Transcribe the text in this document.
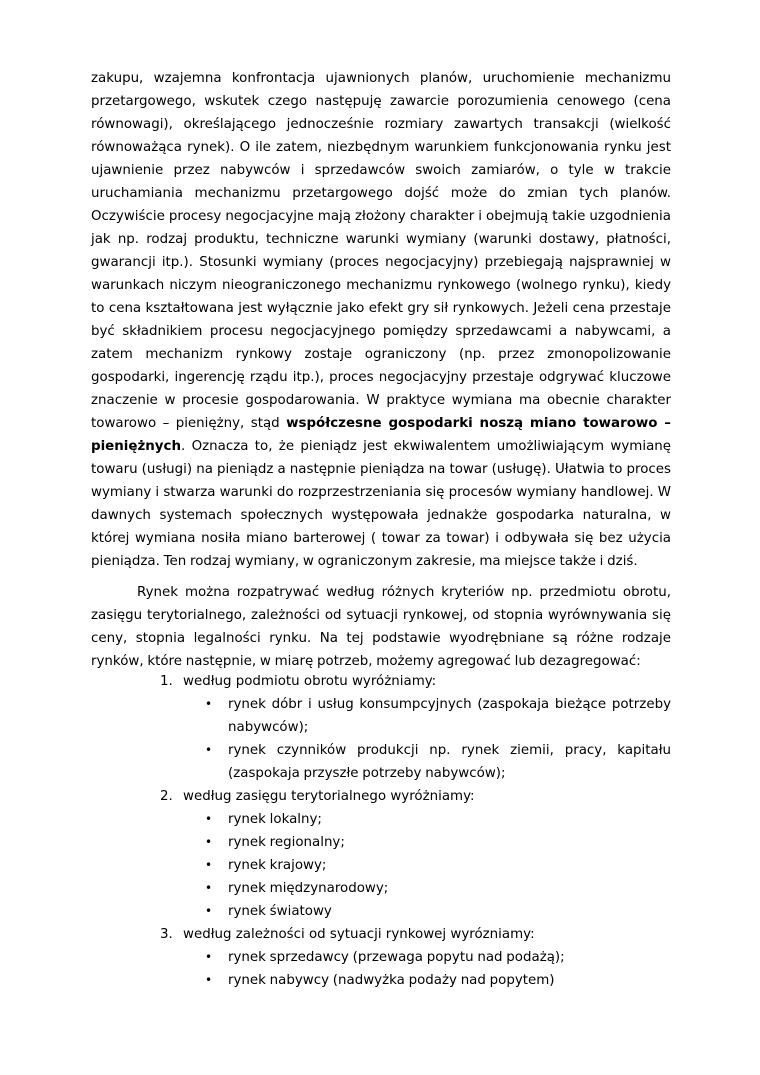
zakupu, wzajemna konfrontacja ujawnionych planów, uruchomienie mechanizmu przetargowego, wskutek czego następuję zawarcie porozumienia cenowego (cena równowagi), określającego jednocześnie rozmiary zawartych transakcji (wielkość równoważąca rynek). O ile zatem, niezbędnym warunkiem funkcjonowania rynku jest ujawnienie przez nabywców i sprzedawców swoich zamiarów, o tyle w trakcie uruchamiania mechanizmu przetargowego dojść może do zmian tych planów. Oczywiście procesy negocjacyjne mają złożony charakter i obejmują takie uzgodnienia jak np. rodzaj produktu, techniczne warunki wymiany (warunki dostawy, płatności, gwarancji itp.). Stosunki wymiany (proces negocjacyjny) przebiegają najsprawniej w warunkach niczym nieograniczonego mechanizmu rynkowego (wolnego rynku), kiedy to cena kształtowana jest wyłącznie jako efekt gry sił rynkowych. Jeżeli cena przestaje być składnikiem procesu negocjacyjnego pomiędzy sprzedawcami a nabywcami, a zatem mechanizm rynkowy zostaje ograniczony (np. przez zmonopolizowanie gospodarki, ingerencję rządu itp.), proces negocjacyjny przestaje odgrywać kluczowe znaczenie w procesie gospodarowania. W praktyce wymiana ma obecnie charakter towarowo – pieniężny, stąd współczesne gospodarki noszą miano towarowo – pieniężnych. Oznacza to, że pieniądz jest ekwiwalentem umożliwiającym wymianę towaru (usługi) na pieniądz a następnie pieniądza na towar (usługę). Ułatwia to proces wymiany i stwarza warunki do rozprzestrzeniania się procesów wymiany handlowej. W dawnych systemach społecznych występowała jednakże gospodarka naturalna, w której wymiana nosiła miano barterowej ( towar za towar) i odbywała się bez użycia pieniądza. Ten rodzaj wymiany, w ograniczonym zakresie, ma miejsce także i dziś.

Rynek można rozpatrywać według różnych kryteriów np. przedmiotu obrotu, zasięgu terytorialnego, zależności od sytuacji rynkowej, od stopnia wyrównywania się ceny, stopnia legalności rynku. Na tej podstawie wyodrębniane są różne rodzaje rynków, które następnie, w miarę potrzeb, możemy agregować lub dezagregować:

1. według podmiotu obrotu wyróżniamy:
• rynek dóbr i usług konsumpcyjnych (zaspokaja bieżące potrzeby nabywców);
• rynek czynników produkcji np. rynek ziemii, pracy, kapitału (zaspokaja przyszłe potrzeby nabywców);
2. według zasięgu terytorialnego wyróżniamy:
• rynek lokalny;
• rynek regionalny;
• rynek krajowy;
• rynek międzynarodowy;
• rynek światowy
3. według zależności od sytuacji rynkowej wyrózniamy:
• rynek sprzedawcy (przewaga popytu nad podażą);
• rynek nabywcy (nadwyżka podaży nad popytem)
